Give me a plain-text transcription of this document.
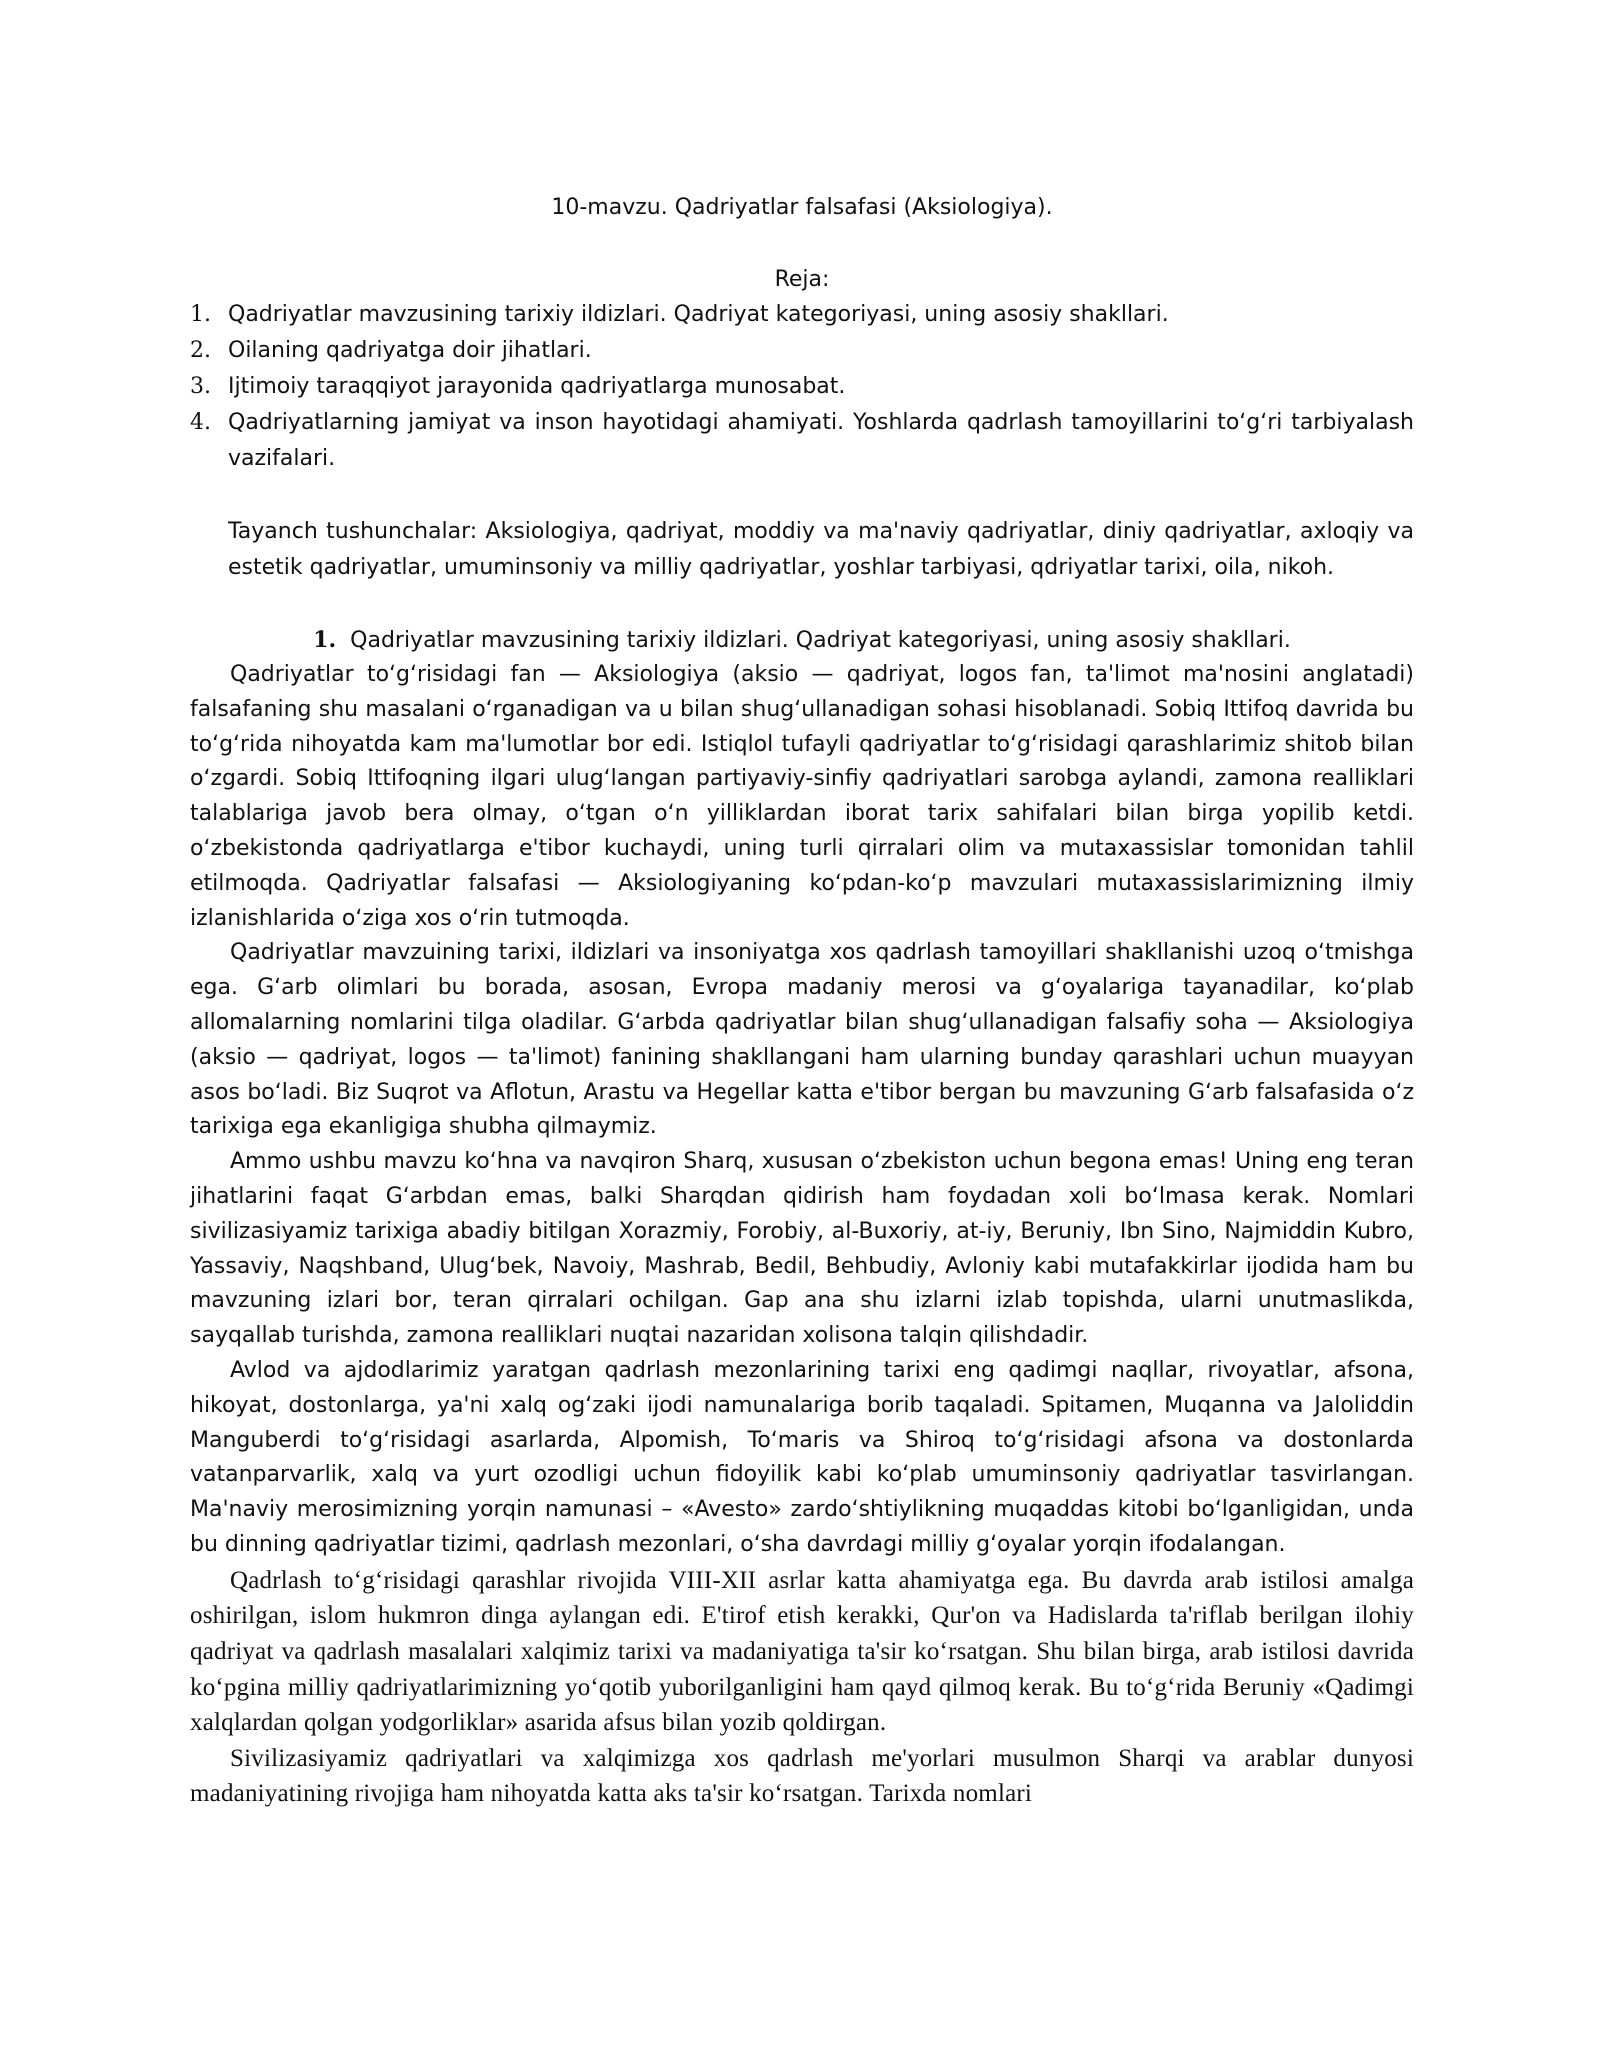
10-mavzu. Qadriyatlar falsafasi (Aksiologiya).
Reja:
1. Qadriyatlar mavzusining tarixiy ildizlari. Qadriyat kategoriyasi, uning asosiy shakllari.
2. Oilaning qadriyatga doir jihatlari.
3. Ijtimoiy taraqqiyot jarayonida qadriyatlarga munosabat.
4. Qadriyatlarning jamiyat va inson hayotidagi ahamiyati. Yoshlarda qadrlash tamoyillarini toʻgʻri tarbiyalash vazifalari.
Tayanch tushunchalar: Aksiologiya, qadriyat, moddiy va ma'naviy qadriyatlar, diniy qadriyatlar, axloqiy va estetik qadriyatlar, umuminsoniy va milliy qadriyatlar, yoshlar tarbiyasi, qdriyatlar tarixi, oila, nikoh.
1. Qadriyatlar mavzusining tarixiy ildizlari. Qadriyat kategoriyasi, uning asosiy shakllari.

Qadriyatlar toʻgʻrisidagi fan — Aksiologiya (aksio — qadriyat, logos fan, ta'limot ma'nosini anglatadi) falsafaning shu masalani oʻrganadigan va u bilan shugʻullanadigan sohasi hisoblanadi. Sobiq Ittifoq davrida bu toʻgʻrida nihoyatda kam ma'lumotlar bor edi. Istiqlol tufayli qadriyatlar toʻgʻrisidagi qarashlarimiz shitob bilan oʻzgardi. Sobiq Ittifoqning ilgari ulugʻlangan partiyaviy-sinfiy qadriyatlari sarobga aylandi, zamona realliklari talablariga javob bera olmay, oʻtgan oʻn yilliklardan iborat tarix sahifalari bilan birga yopilib ketdi. oʻzbekistonda qadriyatlarga e'tibor kuchaydi, uning turli qirralari olim va mutaxassislar tomonidan tahlil etilmoqda. Qadriyatlar falsafasi — Aksiologiyaning koʻpdan-koʻp mavzulari mutaxassislarimizning ilmiy izlanishlarida oʻziga xos oʻrin tutmoqda.

Qadriyatlar mavzuining tarixi, ildizlari va insoniyatga xos qadrlash tamoyillari shakllanishi uzoq oʻtmishga ega. Gʻarb olimlari bu borada, asosan, Evropa madaniy merosi va gʻoyalariga tayanadilar, koʻplab allomalarning nomlarini tilga oladilar. Gʻarbda qadriyatlar bilan shugʻullanadigan falsafiy soha — Aksiologiya (aksio — qadriyat, logos — ta'limot) fanining shakllangani ham ularning bunday qarashlari uchun muayyan asos boʻladi. Biz Suqrot va Aflotun, Arastu va Hegellar katta e'tibor bergan bu mavzuning Gʻarb falsafasida oʻz tarixiga ega ekanligiga shubha qilmaymiz.

Ammo ushbu mavzu koʻhna va navqiron Sharq, xususan oʻzbekiston uchun begona emas! Uning eng teran jihatlarini faqat Gʻarbdan emas, balki Sharqdan qidirish ham foydadan xoli boʻlmasa kerak. Nomlari sivilizasiyamiz tarixiga abadiy bitilgan Xorazmiy, Forobiy, al-Buxoriy, at-iy, Beruniy, Ibn Sino, Najmiddin Kubro, Yassaviy, Naqshband, Ulugʻbek, Navoiy, Mashrab, Bedil, Behbudiy, Avloniy kabi mutafakkirlar ijodida ham bu mavzuning izlari bor, teran qirralari ochilgan. Gap ana shu izlarni izlab topishda, ularni unutmaslikda, sayqallab turishda, zamona realliklari nuqtai nazaridan xolisona talqin qilishdadir.

Avlod va ajdodlarimiz yaratgan qadrlash mezonlarining tarixi eng qadimgi naqllar, rivoyatlar, afsona, hikoyat, dostonlarga, ya'ni xalq ogʻzaki ijodi namunalariga borib taqaladi. Spitamen, Muqanna va Jaloliddin Manguberdi toʻgʻrisidagi asarlarda, Alpomish, Toʻmaris va Shiroq toʻgʻrisidagi afsona va dostonlarda vatanparvarlik, xalq va yurt ozodligi uchun fidoyilik kabi koʻplab umuminsoniy qadriyatlar tasvirlangan. Ma'naviy merosimizning yorqin namunasi – «Avesto» zardoʻshtiylikning muqaddas kitobi boʻlganligidan, unda bu dinning qadriyatlar tizimi, qadrlash mezonlari, oʻsha davrdagi milliy gʻoyalar yorqin ifodalangan.

Qadrlash toʻgʻrisidagi qarashlar rivojida VIII-XII asrlar katta ahamiyatga ega. Bu davrda arab istilosi amalga oshirilgan, islom hukmron dinga aylangan edi. E'tirof etish kerakki, Qur'on va Hadislarda ta'riflab berilgan ilohiy qadriyat va qadrlash masalalari xalqimiz tarixi va madaniyatiga ta'sir koʻrsatgan. Shu bilan birga, arab istilosi davrida koʻpgina milliy qadriyatlarimizning yoʻqotib yuborilganligini ham qayd qilmoq kerak. Bu toʻgʻrida Beruniy «Qadimgi xalqlardan qolgan yodgorliklar» asarida afsus bilan yozib qoldirgan.

Sivilizasiyamiz qadriyatlari va xalqimizga xos qadrlash me'yorlari musulmon Sharqi va arablar dunyosi madaniyatining rivojiga ham nihoyatda katta aks ta'sir koʻrsatgan. Tarixda nomlari
